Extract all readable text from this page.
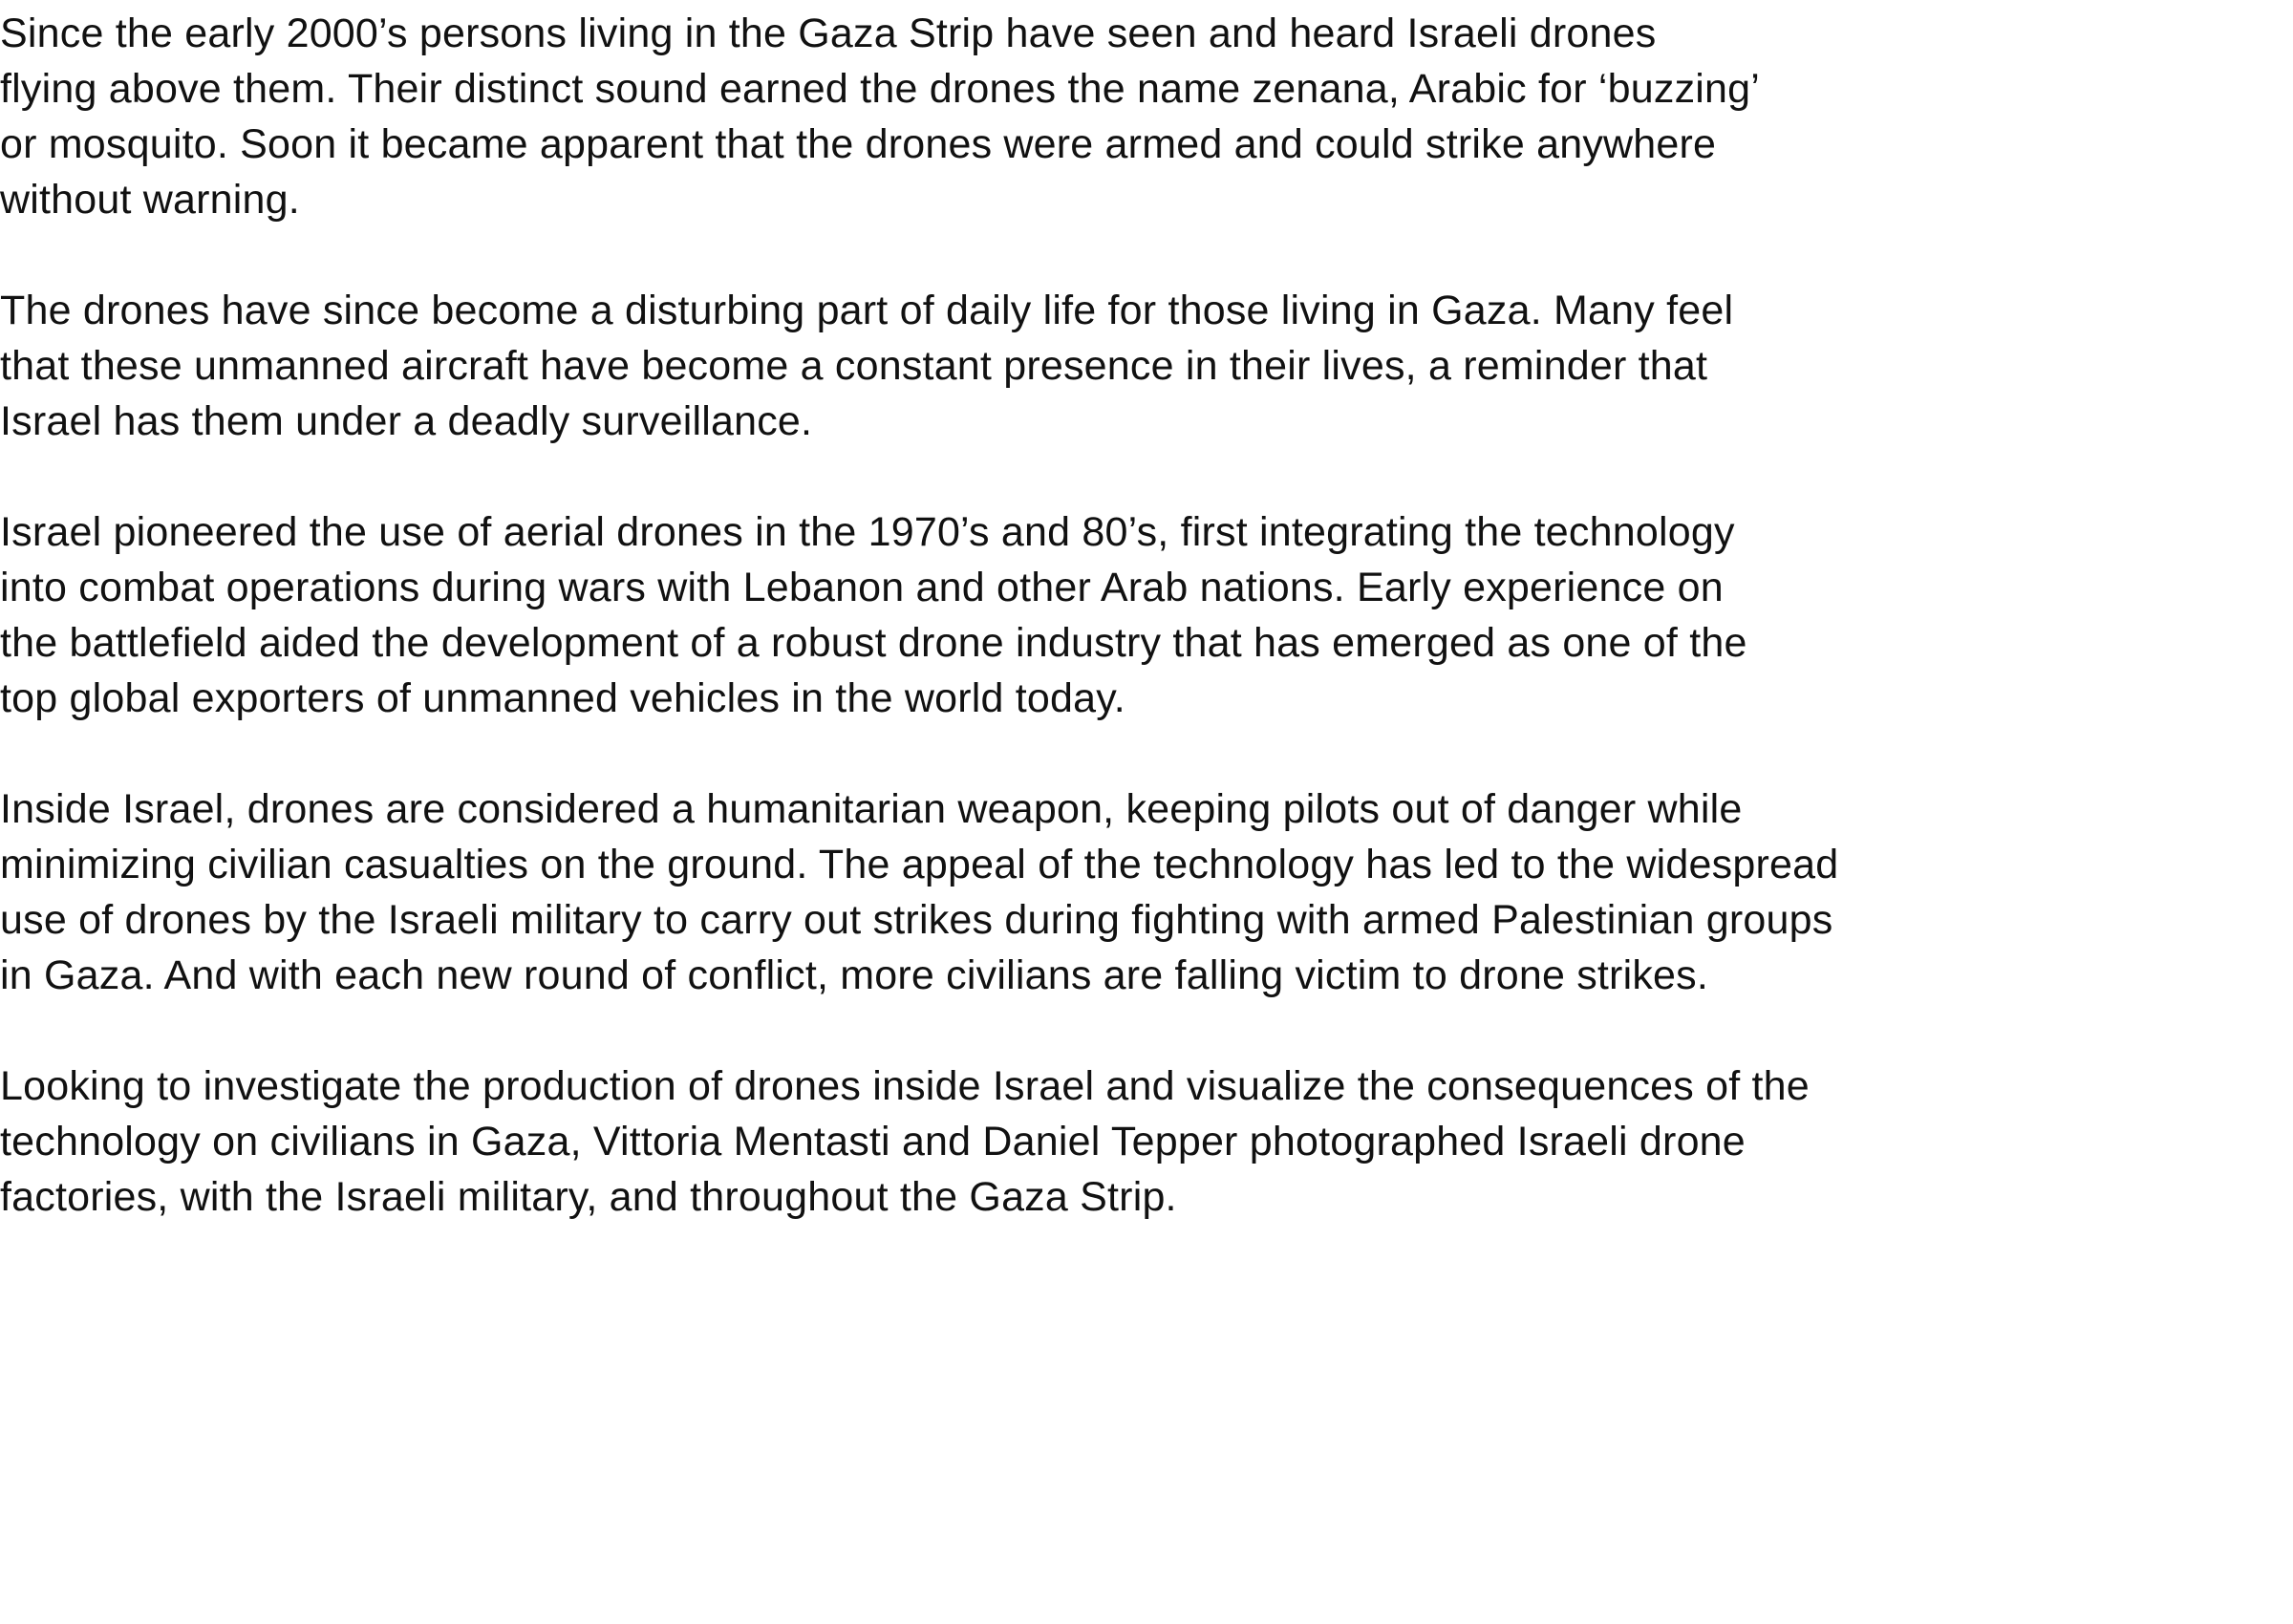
Since the early 2000’s persons living in the Gaza Strip have seen and heard Israeli drones
flying above them. Their distinct sound earned the drones the name zenana, Arabic for ‘buzzing’
or mosquito. Soon it became apparent that the drones were armed and could strike anywhere
without warning.

The drones have since become a disturbing part of daily life for those living in Gaza. Many feel
that these unmanned aircraft have become a constant presence in their lives, a reminder that
Israel has them under a deadly surveillance.

Israel pioneered the use of aerial drones in the 1970’s and 80’s, first integrating the technology
into combat operations during wars with Lebanon and other Arab nations. Early experience on
the battlefield aided the development of a robust drone industry that has emerged as one of the
top global exporters of unmanned vehicles in the world today.

Inside Israel, drones are considered a humanitarian weapon, keeping pilots out of danger while
minimizing civilian casualties on the ground. The appeal of the technology has led to the widespread
use of drones by the Israeli military to carry out strikes during fighting with armed Palestinian groups
in Gaza. And with each new round of conflict, more civilians are falling victim to drone strikes.

Looking to investigate the production of drones inside Israel and visualize the consequences of the
technology on civilians in Gaza, Vittoria Mentasti and Daniel Tepper photographed Israeli drone
factories, with the Israeli military, and throughout the Gaza Strip.
